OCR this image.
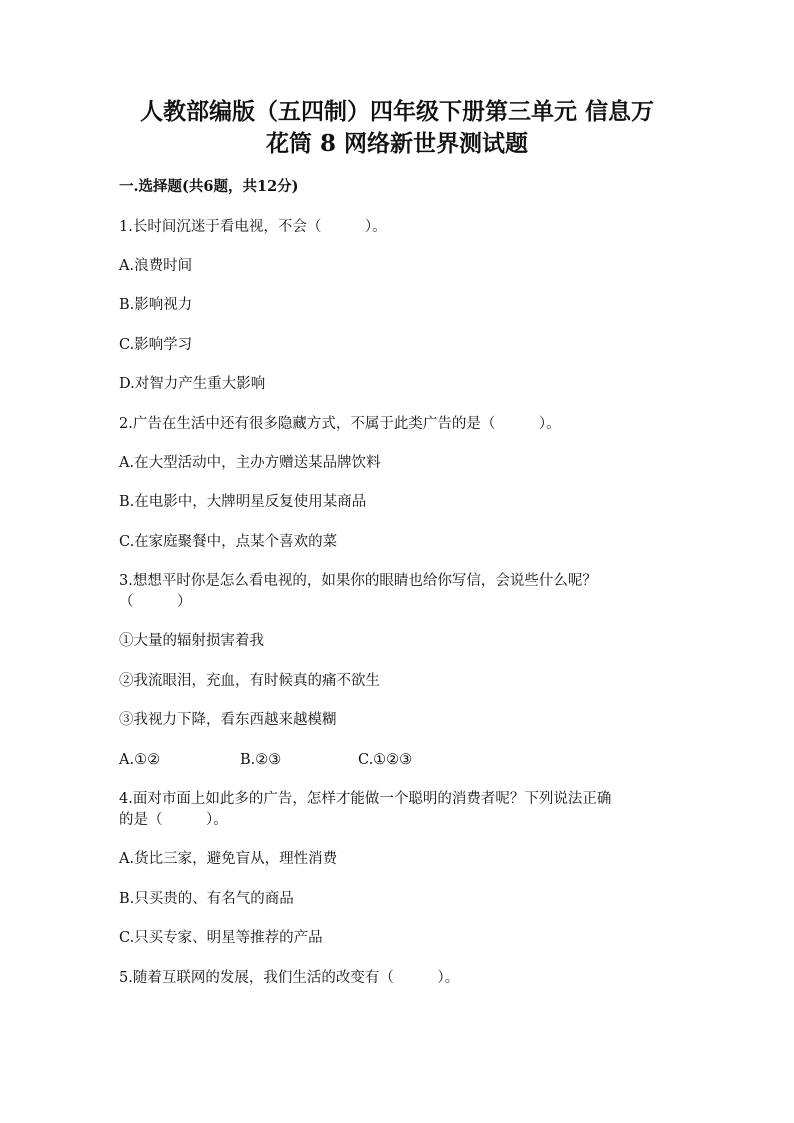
人教部编版（五四制）四年级下册第三单元 信息万
花筒 8 网络新世界测试题
一.选择题(共6题，共12分)
1.长时间沉迷于看电视，不会（　　　）。
A.浪费时间
B.影响视力
C.影响学习
D.对智力产生重大影响
2.广告在生活中还有很多隐藏方式，不属于此类广告的是（　　　）。
A.在大型活动中，主办方赠送某品牌饮料
B.在电影中，大牌明星反复使用某商品
C.在家庭聚餐中，点某个喜欢的菜
3.想想平时你是怎么看电视的，如果你的眼睛也给你写信，会说些什么呢？
（　　　）
①大量的辐射损害着我
②我流眼泪，充血，有时候真的痛不欲生
③我视力下降，看东西越来越模糊
A.①②	B.②③	C.①②③
4.面对市面上如此多的广告，怎样才能做一个聪明的消费者呢？下列说法正确
的是（　　　）。
A.货比三家，避免盲从，理性消费
B.只买贵的、有名气的商品
C.只买专家、明星等推荐的产品
5.随着互联网的发展，我们生活的改变有（　　　）。
